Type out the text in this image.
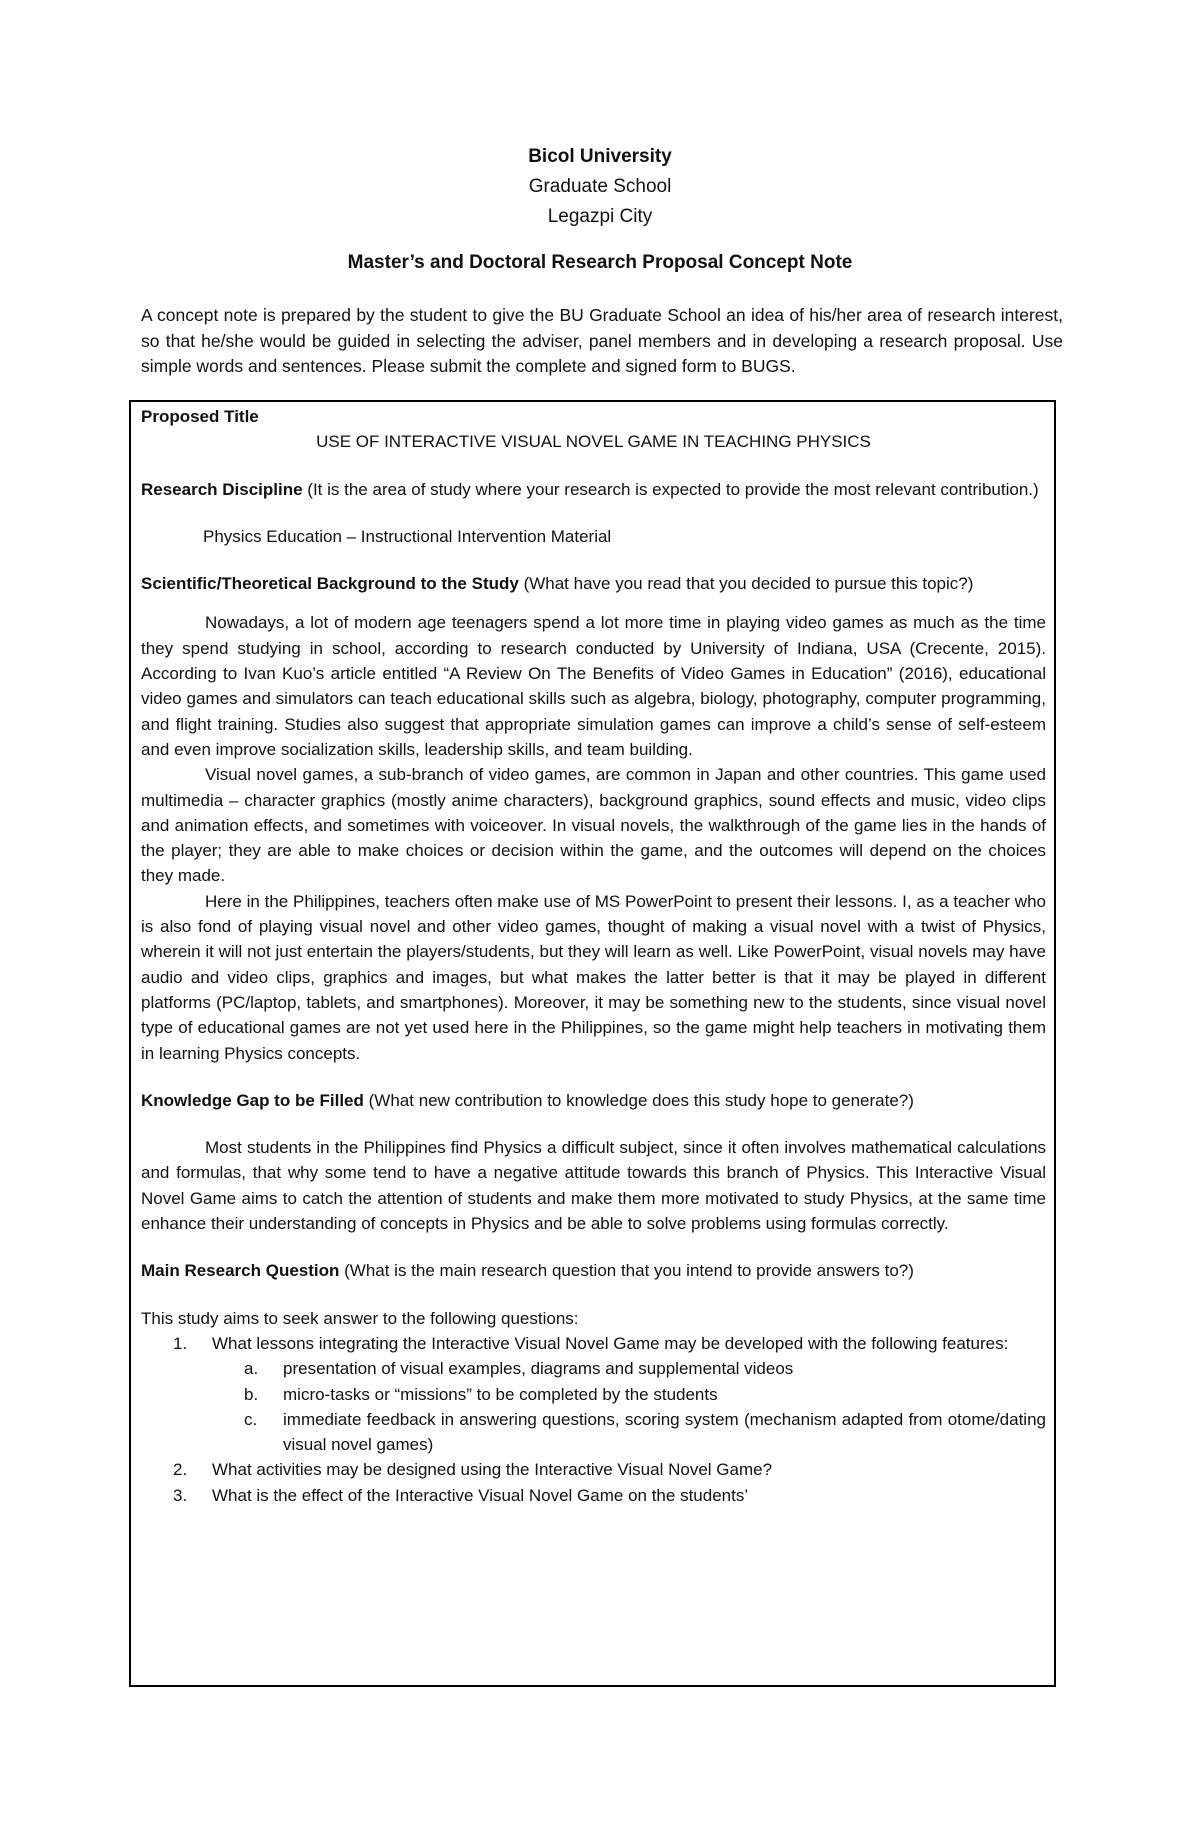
Bicol University
Graduate School
Legazpi City
Master’s and Doctoral Research Proposal Concept Note
A concept note is prepared by the student to give the BU Graduate School an idea of his/her area of research interest, so that he/she would be guided in selecting the adviser, panel members and in developing a research proposal. Use simple words and sentences. Please submit the complete and signed form to BUGS.

Proposed Title

USE OF INTERACTIVE VISUAL NOVEL GAME IN TEACHING PHYSICS

Research Discipline (It is the area of study where your research is expected to provide the most relevant contribution.)

Physics Education – Instructional Intervention Material

Scientific/Theoretical Background to the Study (What have you read that you decided to pursue this topic?)

Nowadays, a lot of modern age teenagers spend a lot more time in playing video games as much as the time they spend studying in school, according to research conducted by University of Indiana, USA (Crecente, 2015). According to Ivan Kuo’s article entitled “A Review On The Benefits of Video Games in Education” (2016), educational video games and simulators can teach educational skills such as algebra, biology, photography, computer programming, and flight training. Studies also suggest that appropriate simulation games can improve a child’s sense of self-esteem and even improve socialization skills, leadership skills, and team building.

Visual novel games, a sub-branch of video games, are common in Japan and other countries. This game used multimedia – character graphics (mostly anime characters), background graphics, sound effects and music, video clips and animation effects, and sometimes with voiceover. In visual novels, the walkthrough of the game lies in the hands of the player; they are able to make choices or decision within the game, and the outcomes will depend on the choices they made.

Here in the Philippines, teachers often make use of MS PowerPoint to present their lessons. I, as a teacher who is also fond of playing visual novel and other video games, thought of making a visual novel with a twist of Physics, wherein it will not just entertain the players/students, but they will learn as well. Like PowerPoint, visual novels may have audio and video clips, graphics and images, but what makes the latter better is that it may be played in different platforms (PC/laptop, tablets, and smartphones). Moreover, it may be something new to the students, since visual novel type of educational games are not yet used here in the Philippines, so the game might help teachers in motivating them in learning Physics concepts.

Knowledge Gap to be Filled (What new contribution to knowledge does this study hope to generate?)

Most students in the Philippines find Physics a difficult subject, since it often involves mathematical calculations and formulas, that why some tend to have a negative attitude towards this branch of Physics. This Interactive Visual Novel Game aims to catch the attention of students and make them more motivated to study Physics, at the same time enhance their understanding of concepts in Physics and be able to solve problems using formulas correctly.

Main Research Question (What is the main research question that you intend to provide answers to?)

This study aims to seek answer to the following questions:

1. What lessons integrating the Interactive Visual Novel Game may be developed with the following features:
a. presentation of visual examples, diagrams and supplemental videos
b. micro-tasks or “missions” to be completed by the students
c. immediate feedback in answering questions, scoring system (mechanism adapted from otome/dating visual novel games)
2. What activities may be designed using the Interactive Visual Novel Game?
3. What is the effect of the Interactive Visual Novel Game on the students’
